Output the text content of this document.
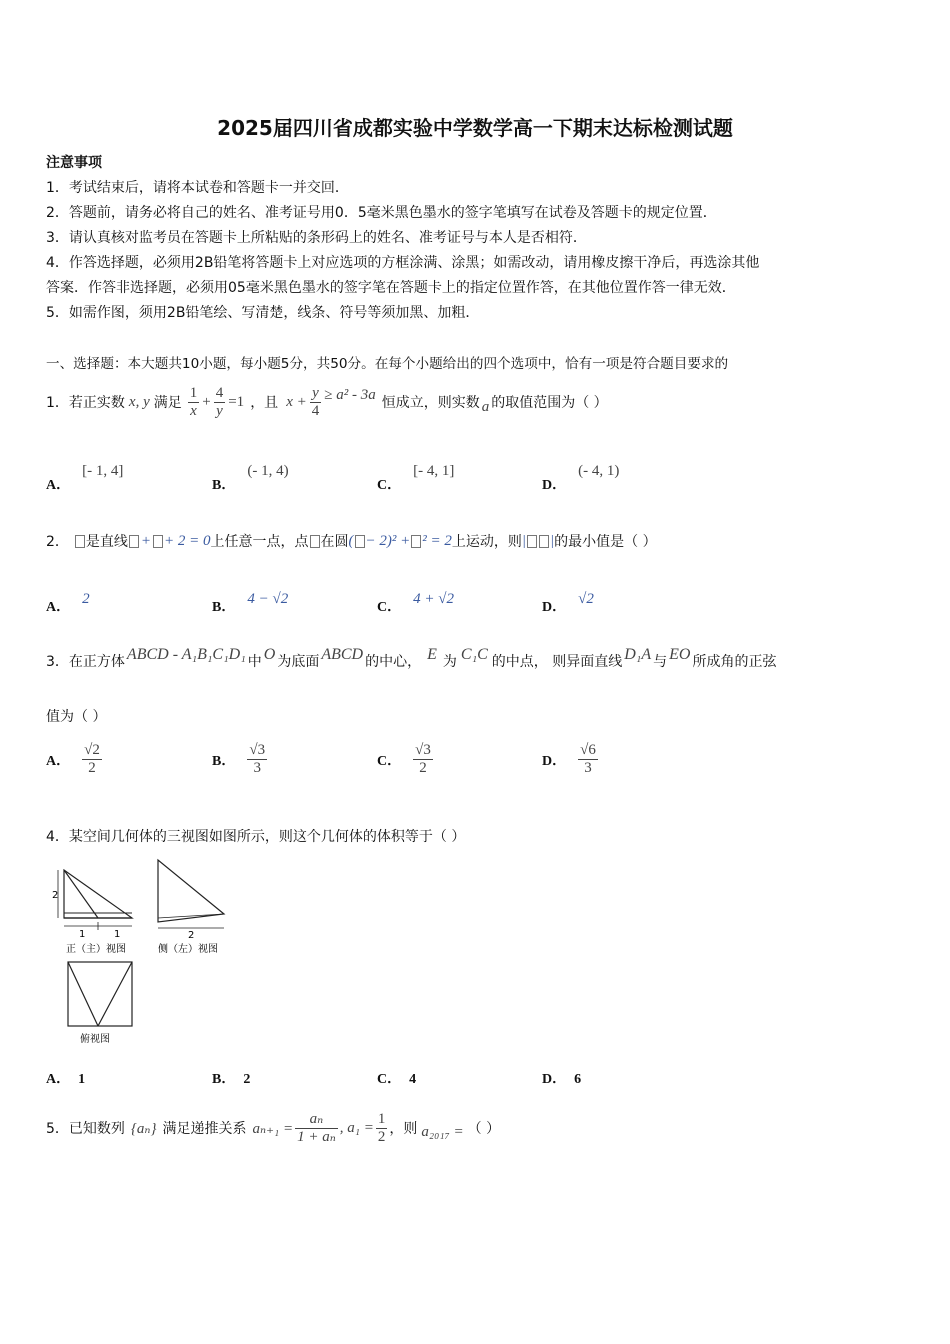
2025届四川省成都实验中学数学高一下期末达标检测试题
注意事项
1．考试结束后，请将本试卷和答题卡一并交回．
2．答题前，请务必将自己的姓名、准考证号用0．5毫米黑色墨水的签字笔填写在试卷及答题卡的规定位置．
3．请认真核对监考员在答题卡上所粘贴的条形码上的姓名、准考证号与本人是否相符．
4．作答选择题，必须用2B铅笔将答题卡上对应选项的方框涂满、涂黑；如需改动，请用橡皮擦干净后，再选涂其他
答案．作答非选择题，必须用05毫米黑色墨水的签字笔在答题卡上的指定位置作答，在其他位置作答一律无效．
5．如需作图，须用2B铅笔绘、写清楚，线条、符号等须加黑、加粗．
一、选择题：本大题共10小题，每小题5分，共50分。在每个小题给出的四个选项中，恰有一项是符合题目要求的
1． 若正实数 x, y 满足 $\frac{1}{x} + \frac{4}{y} =1$ ，且 $x + \frac{y}{4} \ge a^2 - 3a$
恒成立，则实数 a 的取值范围为（ ）
A．[- 1, 4]
B．(- 1, 4)
C．[- 4, 1]
D．(- 4, 1)
2． 是直线 + + 2 = 0 上任意一点，点 在圆 ( − 2)² + ² = 2 上运动，则 | | 的最小值是（ ）
A．2
B．4 − √2
C．4 + √2
D．√2
3． 在正方体 ABCD - A₁B₁C₁D₁ 中 O 为底面 ABCD 的中心， E 为 C₁C 的中点， 则异面直线 D₁A 与 EO 所成角的正弦
值为（ ）
A． $\frac{√2}{2}$	B． $\frac{√3}{3}$	C． $\frac{√3}{2}$	D． $\frac{√6}{3}$
4．某空间几何体的三视图如图所示，则这个几何体的体积等于（ ）
2
1	1
正（主）视图
2
侧（左）视图
俯视图
A． 1	B． 2	C． 4	D． 6
5． 已知数列 {aₙ} 满足递推关系 $a_{n+1} = \frac{\text{aₙ}}{\text{1 + aₙ}}$ , $a_1 = \frac{1}{2}$ ，则 a₂₀₁₇ = （ ）
